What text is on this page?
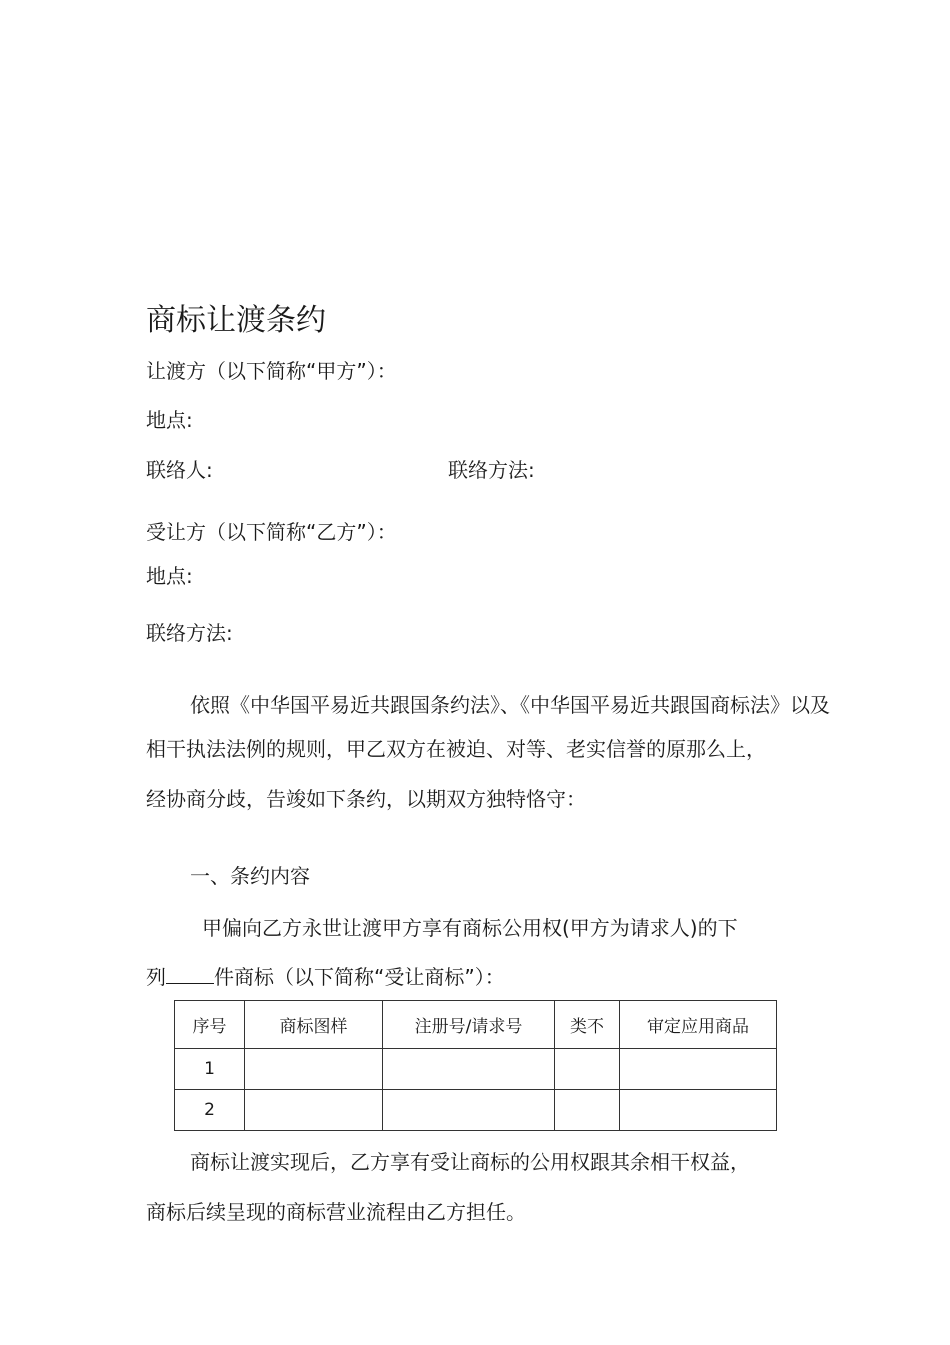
商标让渡条约
让渡方（以下简称“甲方”）：
地点:
联络人:	联络方法:
受让方（以下简称“乙方”）：
地点:
联络方法:
依照《中华国平易近共跟国条约法》、《中华国平易近共跟国商标法》以及
相干执法法例的规则，甲乙双方在被迫、对等、老实信誉的原那么上，
经协商分歧，告竣如下条约，以期双方独特恪守：
一、条约内容
甲偏向乙方永世让渡甲方享有商标公用权(甲方为请求人)的下
列 件商标（以下简称“受让商标”）：
序号	商标图样	注册号/请求号	类不	审定应用商品
1				
2				
商标让渡实现后，乙方享有受让商标的公用权跟其余相干权益，
商标后续呈现的商标营业流程由乙方担任。
